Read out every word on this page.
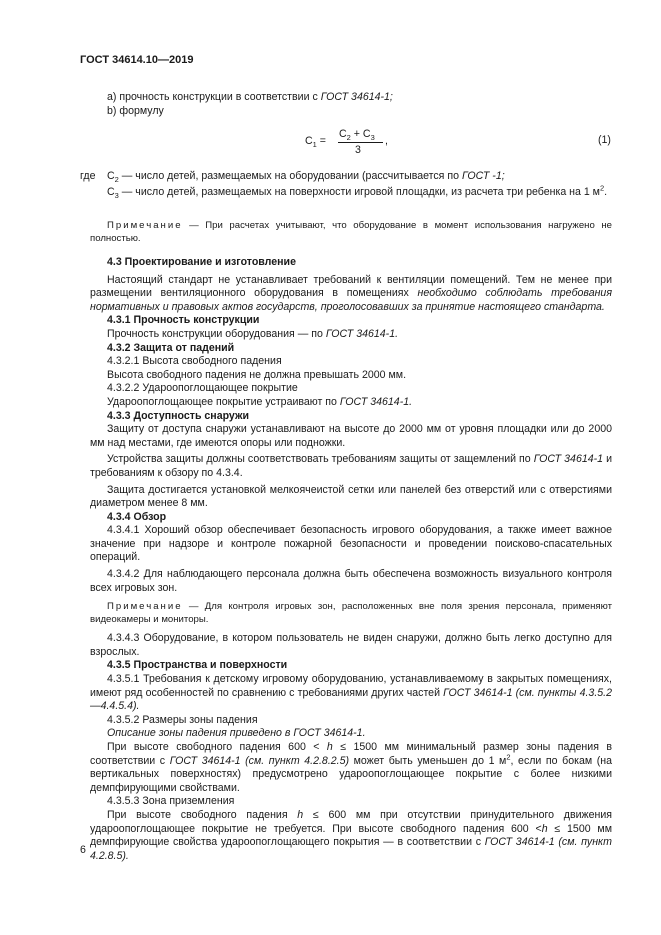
ГОСТ 34614.10—2019

а) прочность конструкции в соответствии с ГОСТ 34614-1;

b) формулу

$C_1$ =
$C_2 + C_3$
3
,	(1)
где $C_2$ — число детей, размещаемых на оборудовании (рассчитывается по ГОСТ -1;
$C_3$ — число детей, размещаемых на поверхности игровой площадки, из расчета три ребенка на 1 $м^2$.

Примечание — При расчетах учитывают, что оборудование в момент использования нагружено не полностью.

4.3 Проектирование и изготовление

Настоящий стандарт не устанавливает требований к вентиляции помещений. Тем не менее при размещении вентиляционного оборудования в помещениях необходимо соблюдать требования нормативных и правовых актов государств, проголосовавших за принятие настоящего стандарта.

4.3.1 Прочность конструкции

Прочность конструкции оборудования — по ГОСТ 34614-1.

4.3.2 Защита от падений

4.3.2.1 Высота свободного падения

Высота свободного падения не должна превышать 2000 мм.

4.3.2.2 Удароопоглощающее покрытие

Удароопоглощающее покрытие устраивают по ГОСТ 34614-1.

4.3.3 Доступность снаружи

Защиту от доступа снаружи устанавливают на высоте до 2000 мм от уровня площадки или до 2000 мм над местами, где имеются опоры или подножки.

Устройства защиты должны соответствовать требованиям защиты от защемлений по ГОСТ 34614-1 и требованиям к обзору по 4.3.4.

Защита достигается установкой мелкоячеистой сетки или панелей без отверстий или с отверстиями диаметром менее 8 мм.

4.3.4 Обзор

4.3.4.1 Хороший обзор обеспечивает безопасность игрового оборудования, а также имеет важное значение при надзоре и контроле пожарной безопасности и проведении поисково-спасательных операций.

4.3.4.2 Для наблюдающего персонала должна быть обеспечена возможность визуального контроля всех игровых зон.

Примечание — Для контроля игровых зон, расположенных вне поля зрения персонала, применяют видеокамеры и мониторы.

4.3.4.3 Оборудование, в котором пользователь не виден снаружи, должно быть легко доступно для взрослых.

4.3.5 Пространства и поверхности

4.3.5.1 Требования к детскому игровому оборудованию, устанавливаемому в закрытых помещениях, имеют ряд особенностей по сравнению с требованиями других частей ГОСТ 34614-1 (см. пункты 4.3.5.2—4.4.5.4).

4.3.5.2 Размеры зоны падения

Описание зоны падения приведено в ГОСТ 34614-1.

При высоте свободного падения 600 < h ≤ 1500 мм минимальный размер зоны падения в соответствии с ГОСТ 34614-1 (см. пункт 4.2.8.2.5) может быть уменьшен до 1 $м^2$, если по бокам (на вертикальных поверхностях) предусмотрено удароопоглощающее покрытие с более низкими демпфирующими свойствами.

4.3.5.3 Зона приземления

При высоте свободного падения h ≤ 600 мм при отсутствии принудительного движения удароопоглощающее покрытие не требуется. При высоте свободного падения 600 <h ≤ 1500 мм демпфирующие свойства удароопоглощающего покрытия — в соответствии с ГОСТ 34614-1 (см. пункт 4.2.8.5).

6
